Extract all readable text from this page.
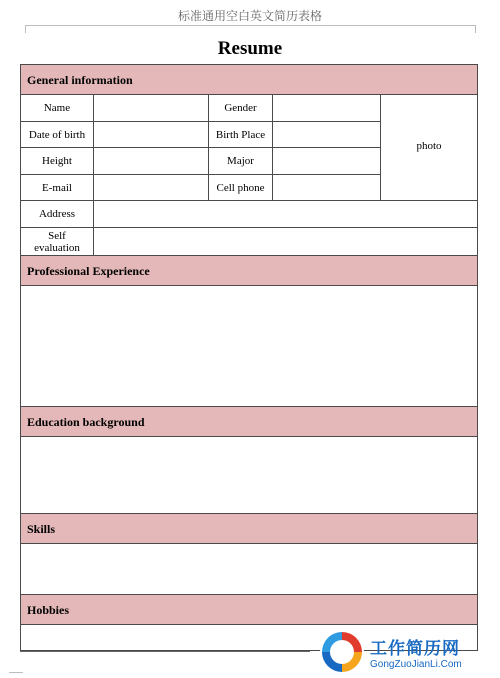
标准通用空白英文简历表格
Resume
General information				
Name		Gender		photo
Date of birth		Birth Place		
Height		Major		
E-mail		Cell phone		
Address				
Self evaluation				
Professional Experience				

Education background				

Skills				

Hobbies				

工作简历网
GongZuoJianLi.Com
